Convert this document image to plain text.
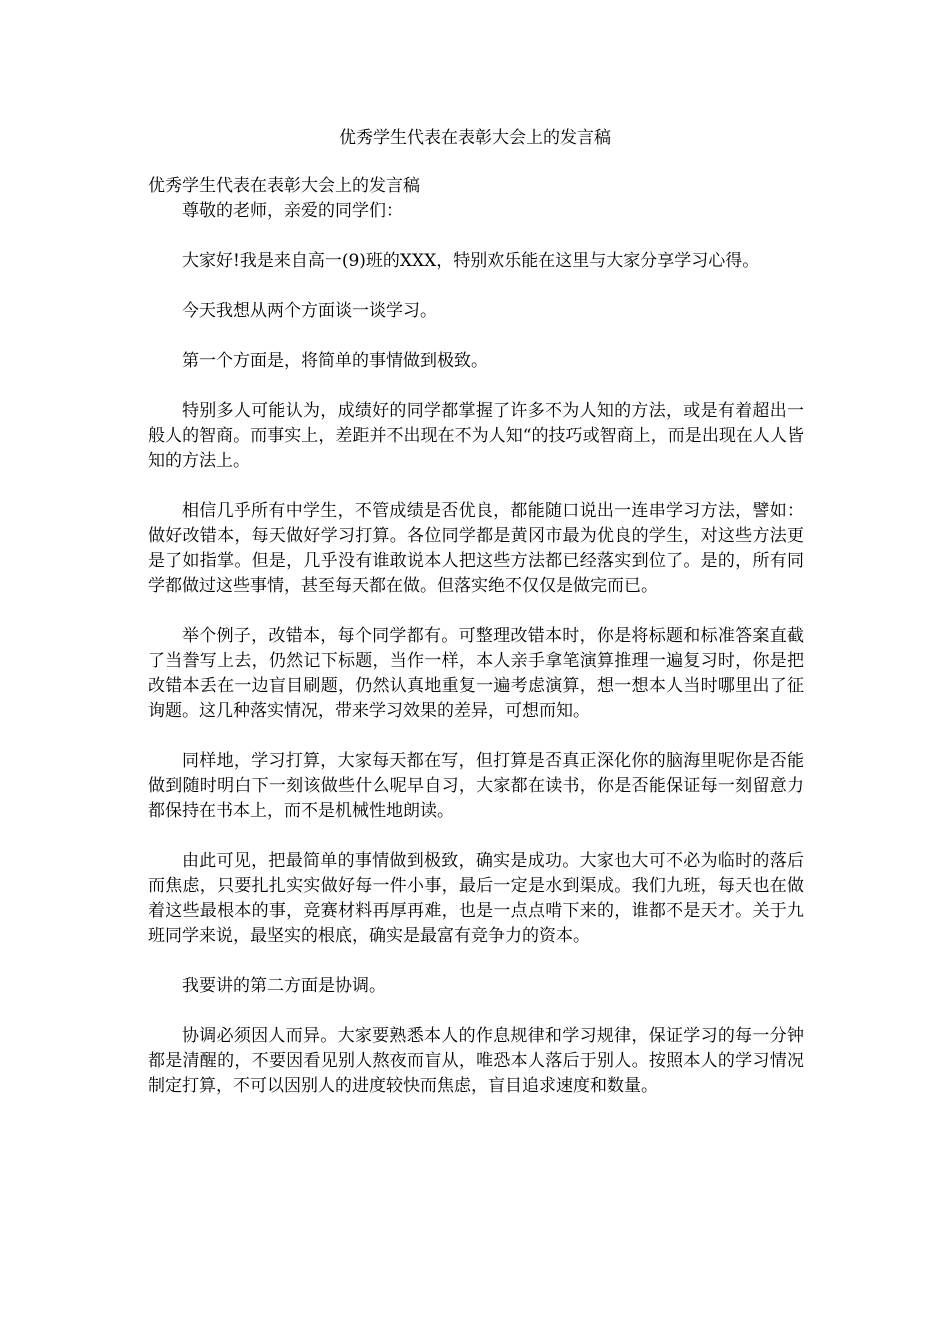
优秀学生代表在表彰大会上的发言稿

优秀学生代表在表彰大会上的发言稿

尊敬的老师，亲爱的同学们：

大家好!我是来自高一(9)班的XXX，特别欢乐能在这里与大家分享学习心得。

今天我想从两个方面谈一谈学习。

第一个方面是，将简单的事情做到极致。

特别多人可能认为，成绩好的同学都掌握了许多不为人知的方法，或是有着超出一般人的智商。而事实上，差距并不出现在不为人知“的技巧或智商上，而是出现在人人皆知的方法上。

相信几乎所有中学生，不管成绩是否优良，都能随口说出一连串学习方法，譬如：做好改错本，每天做好学习打算。各位同学都是黄冈市最为优良的学生，对这些方法更是了如指掌。但是，几乎没有谁敢说本人把这些方法都已经落实到位了。是的，所有同学都做过这些事情，甚至每天都在做。但落实绝不仅仅是做完而已。

举个例子，改错本，每个同学都有。可整理改错本时，你是将标题和标准答案直截了当誊写上去，仍然记下标题，当作一样，本人亲手拿笔演算推理一遍复习时，你是把改错本丢在一边盲目刷题，仍然认真地重复一遍考虑演算，想一想本人当时哪里出了征询题。这几种落实情况，带来学习效果的差异，可想而知。

同样地，学习打算，大家每天都在写，但打算是否真正深化你的脑海里呢你是否能做到随时明白下一刻该做些什么呢早自习，大家都在读书，你是否能保证每一刻留意力都保持在书本上，而不是机械性地朗读。

由此可见，把最简单的事情做到极致，确实是成功。大家也大可不必为临时的落后而焦虑，只要扎扎实实做好每一件小事，最后一定是水到渠成。我们九班，每天也在做着这些最根本的事，竞赛材料再厚再难，也是一点点啃下来的，谁都不是天才。关于九班同学来说，最坚实的根底，确实是最富有竞争力的资本。

我要讲的第二方面是协调。

协调必须因人而异。大家要熟悉本人的作息规律和学习规律，保证学习的每一分钟都是清醒的，不要因看见别人熬夜而盲从，唯恐本人落后于别人。按照本人的学习情况制定打算，不可以因别人的进度较快而焦虑，盲目追求速度和数量。
